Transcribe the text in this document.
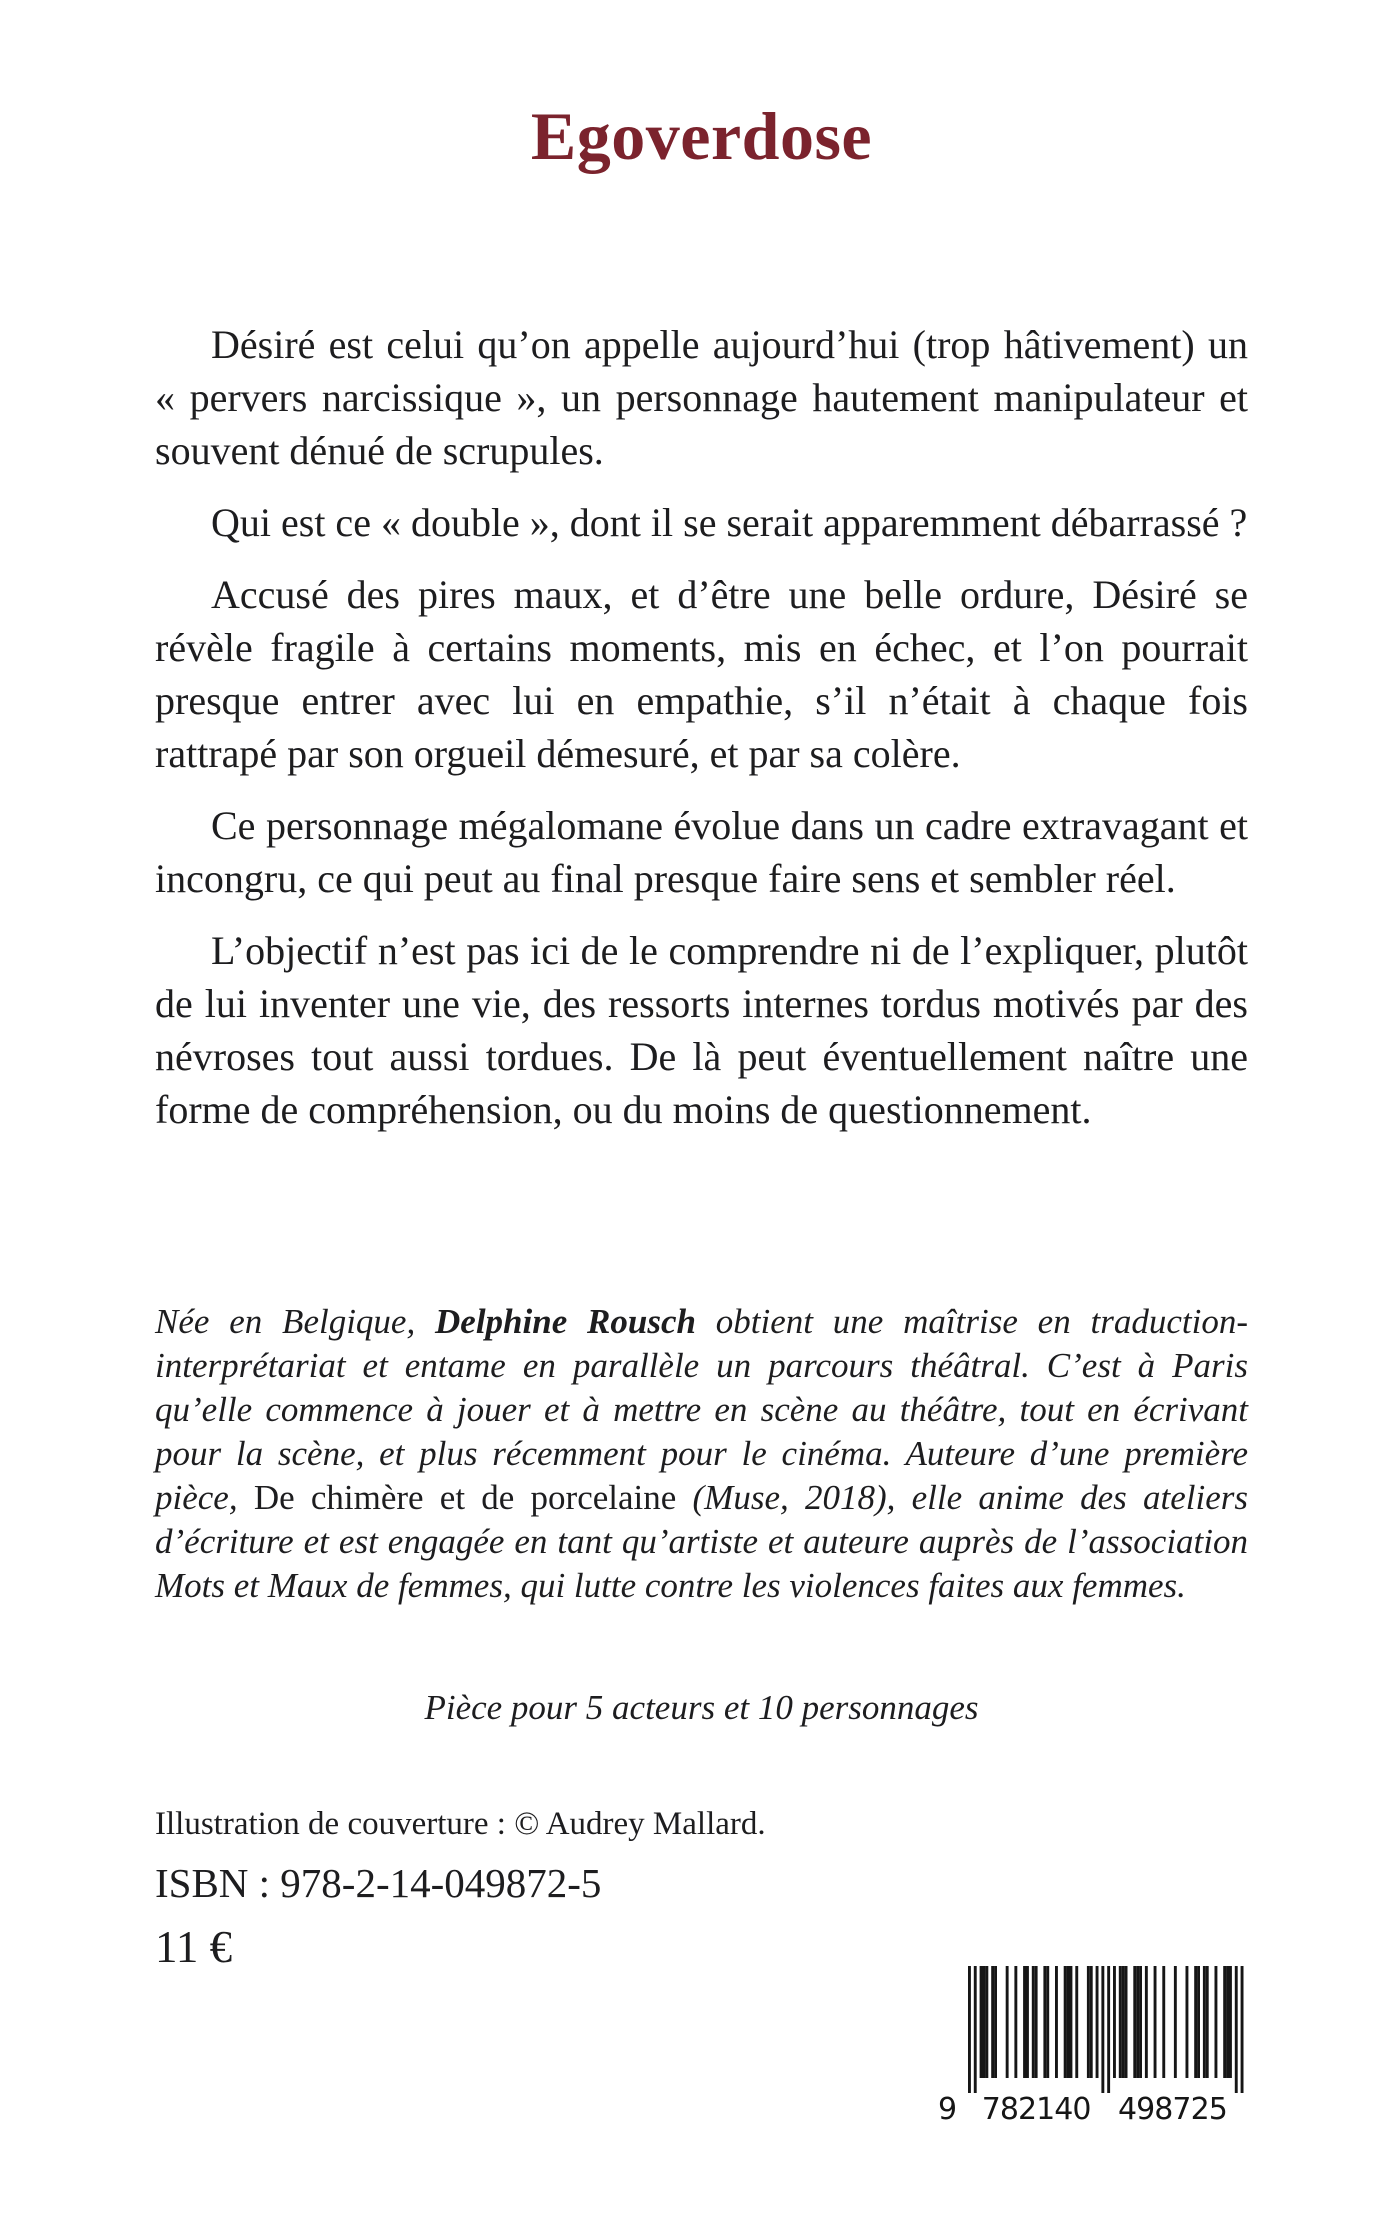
Egoverdose

Désiré est celui qu’on appelle aujourd’hui (trop hâtivement) un « pervers narcissique », un personnage hautement manipulateur et souvent dénué de scrupules.

Qui est ce « double », dont il se serait apparemment débarrassé ?

Accusé des pires maux, et d’être une belle ordure, Désiré se révèle fragile à certains moments, mis en échec, et l’on pourrait presque entrer avec lui en empathie, s’il n’était à chaque fois rattrapé par son orgueil démesuré, et par sa colère.

Ce personnage mégalomane évolue dans un cadre extravagant et incongru, ce qui peut au final presque faire sens et sembler réel.

L’objectif n’est pas ici de le comprendre ni de l’expliquer, plutôt de lui inventer une vie, des ressorts internes tordus motivés par des névroses tout aussi tordues. De là peut éventuellement naître une forme de compréhension, ou du moins de questionnement.

Née en Belgique, Delphine Rousch obtient une maîtrise en traduction-interprétariat et entame en parallèle un parcours théâtral. C’est à Paris qu’elle commence à jouer et à mettre en scène au théâtre, tout en écrivant pour la scène, et plus récemment pour le cinéma. Auteure d’une première pièce, De chimère et de porcelaine (Muse, 2018), elle anime des ateliers d’écriture et est engagée en tant qu’artiste et auteure auprès de l’association Mots et Maux de femmes, qui lutte contre les violences faites aux femmes.

Pièce pour 5 acteurs et 10 personnages

Illustration de couverture : © Audrey Mallard.

ISBN : 978-2-14-049872-5

11 €

9 782140 498725
